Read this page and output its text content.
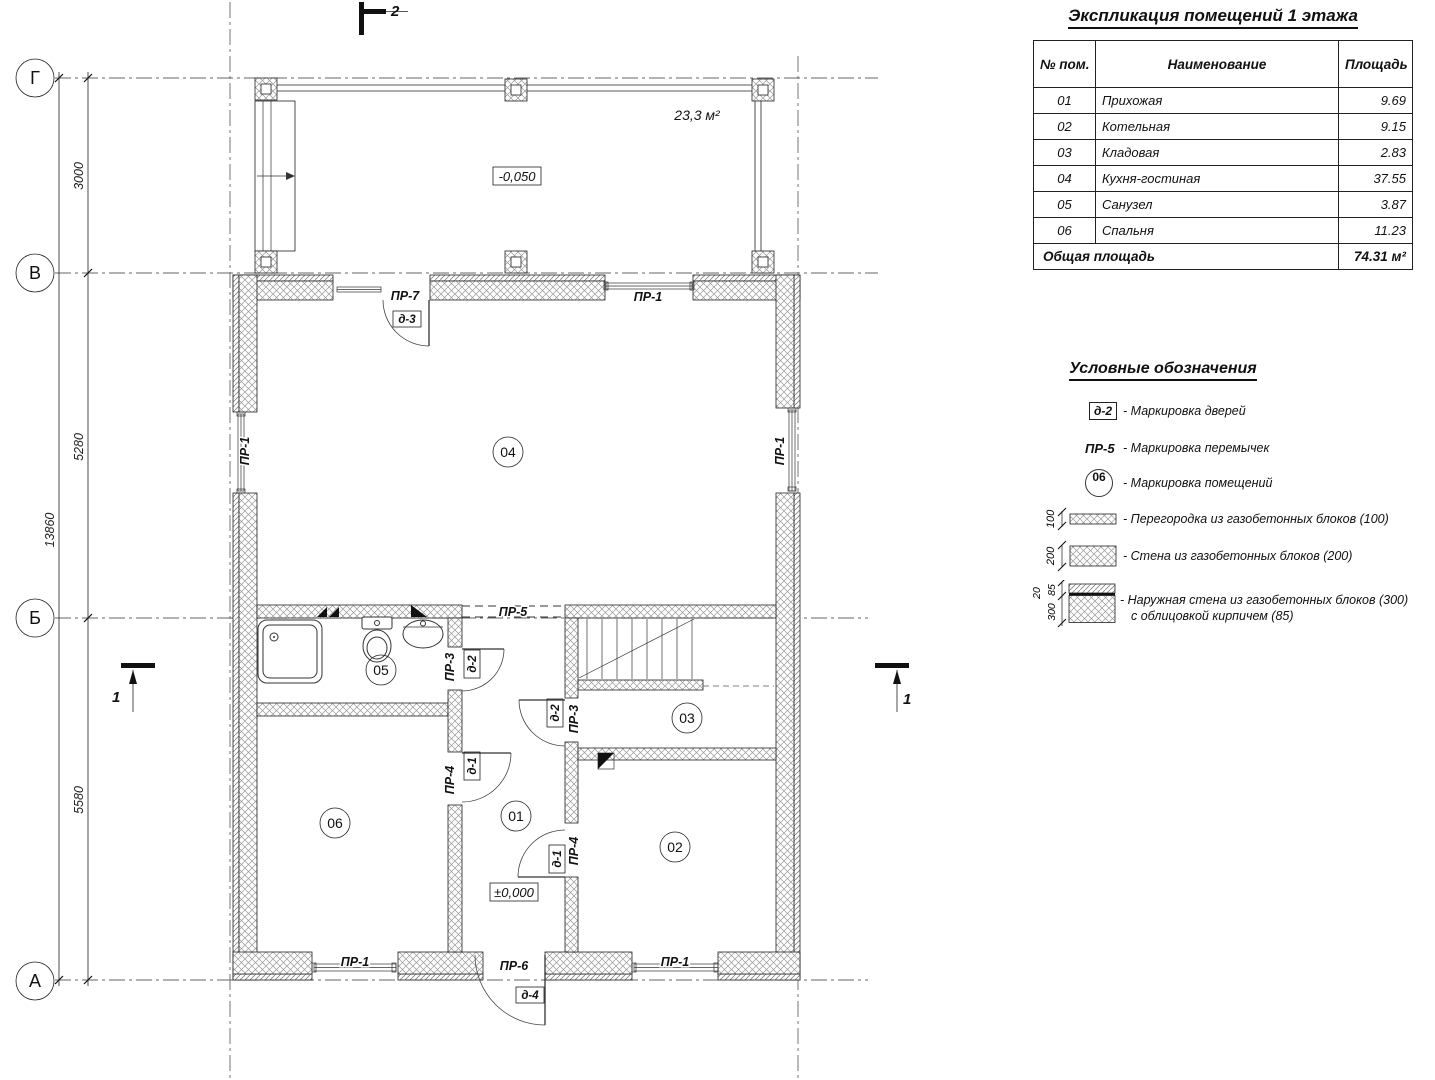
3000
5280
5580
13860
Г
В
Б
А
2
1	1
23,3 м²
-0,050
04
05
03
06	01
02
±0,000
ПР-7	ПР-1
ПР-1	ПР-1
ПР-5
ПР-3
ПР-4
ПР-3
ПР-4
ПР-6
ПР-1	ПР-1
д-3
д-2
д-1
д-2
д-1
д-4
Экспликация помещений 1 этажа
№ пом.	Наименование	Площадь
01	Прихожая	9.69
02	Котельная	9.15
03	Кладовая	2.83
04	Кухня-гостиная	37.55
05	Санузел	3.87
06	Спальня	11.23
Общая площадь		74.31 м²
Условные обозначения
д-2 - Маркировка дверей
ПР-5 - Маркировка перемычек
06	- Маркировка помещений
100	- Перегородка из газобетонных блоков (100)
200	- Стена из газобетонных блоков (200)
20 85
300
- Наружная стена из газобетонных блоков (300)
с облицовкой кирпичем (85)
